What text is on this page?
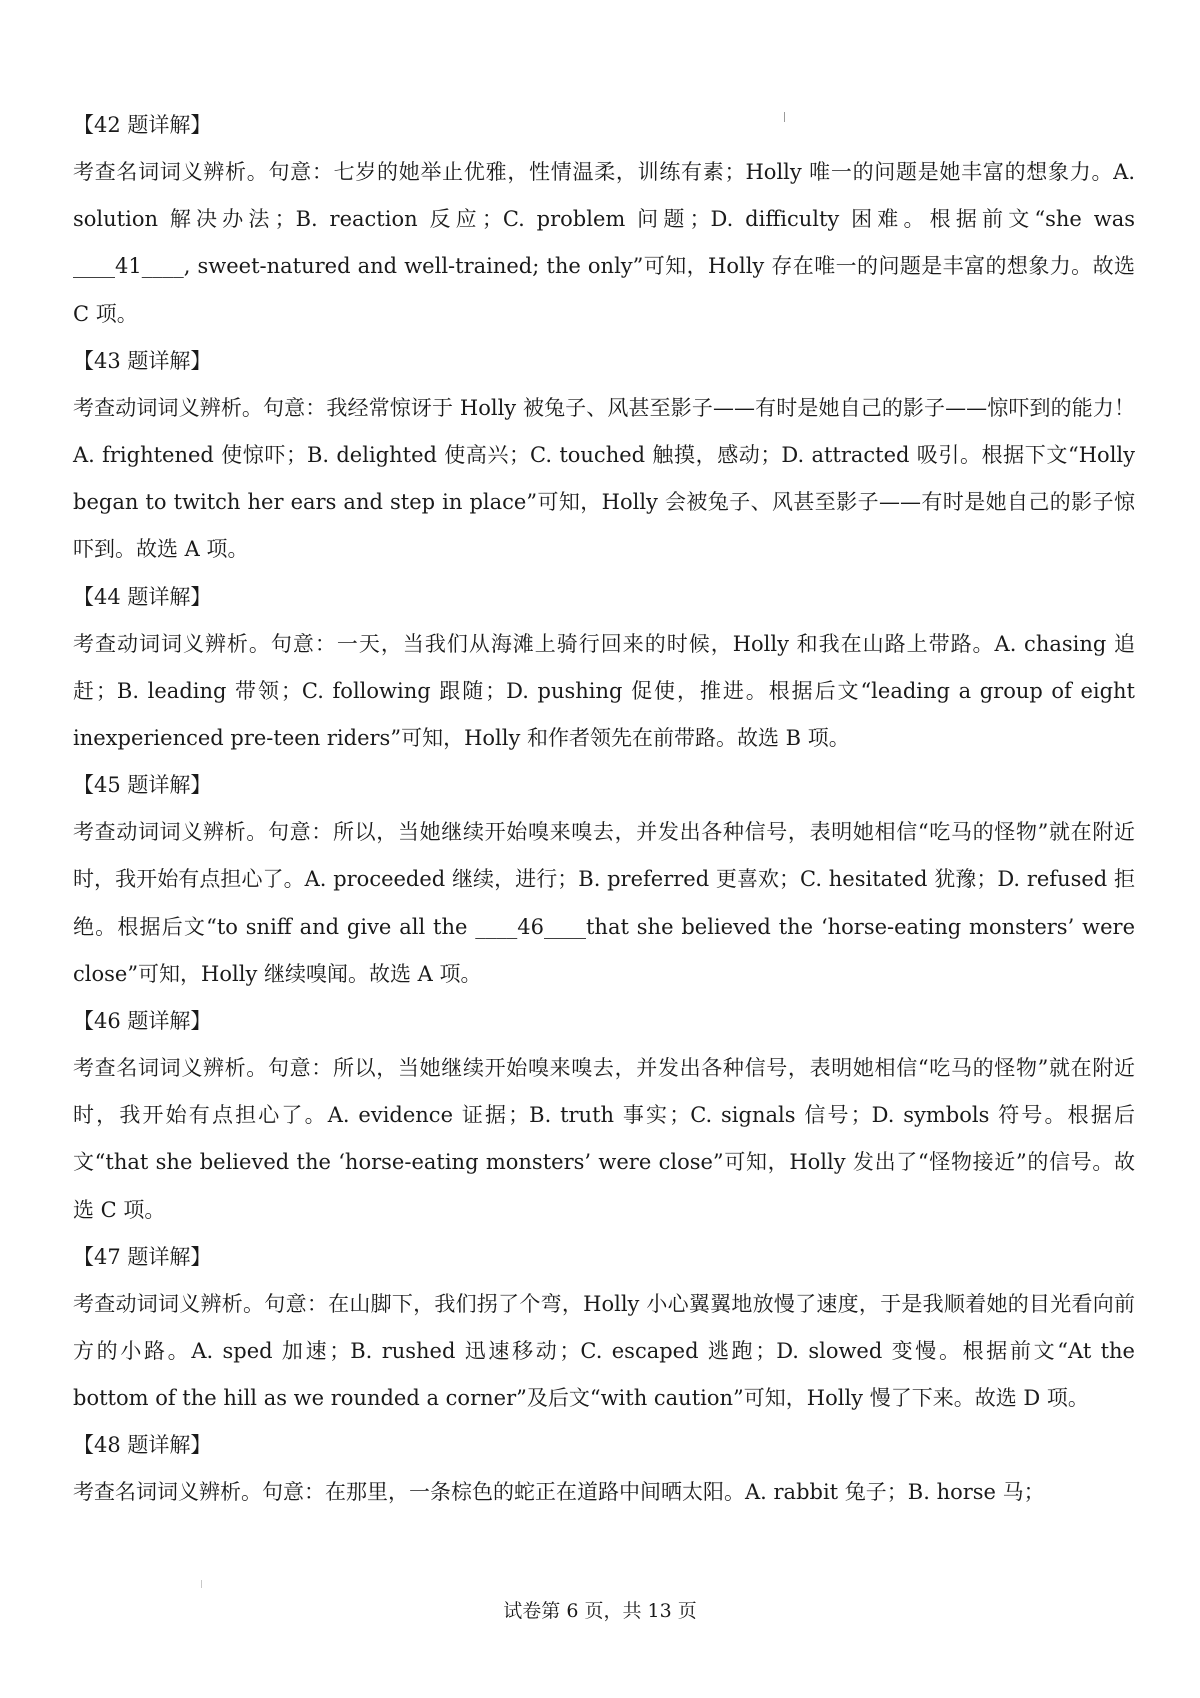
【42 题详解】

考查名词词义辨析。句意：七岁的她举止优雅，性情温柔，训练有素；Holly 唯一的问题是她丰富的想象力。A. solution 解决办法；B. reaction 反应；C. problem 问题；D. difficulty 困难。根据前文“she was ____41____, sweet-natured and well-trained; the only”可知，Holly 存在唯一的问题是丰富的想象力。故选 C 项。

【43 题详解】

考查动词词义辨析。句意：我经常惊讶于 Holly 被兔子、风甚至影子——有时是她自己的影子——惊吓到的能力！A. frightened 使惊吓；B. delighted 使高兴；C. touched 触摸，感动；D. attracted 吸引。根据下文“Holly began to twitch her ears and step in place”可知，Holly 会被兔子、风甚至影子——有时是她自己的影子惊吓到。故选 A 项。

【44 题详解】

考查动词词义辨析。句意：一天，当我们从海滩上骑行回来的时候，Holly 和我在山路上带路。A. chasing 追赶；B. leading 带领；C. following 跟随；D. pushing 促使，推进。根据后文“leading a group of eight inexperienced pre-teen riders”可知，Holly 和作者领先在前带路。故选 B 项。

【45 题详解】

考查动词词义辨析。句意：所以，当她继续开始嗅来嗅去，并发出各种信号，表明她相信“吃马的怪物”就在附近时，我开始有点担心了。A. proceeded 继续，进行；B. preferred 更喜欢；C. hesitated 犹豫；D. refused 拒绝。根据后文“to sniff and give all the ____46____that she believed the ‘horse-eating monsters’ were close”可知，Holly 继续嗅闻。故选 A 项。

【46 题详解】

考查名词词义辨析。句意：所以，当她继续开始嗅来嗅去，并发出各种信号，表明她相信“吃马的怪物”就在附近时，我开始有点担心了。A. evidence 证据；B. truth 事实；C. signals 信号；D. symbols 符号。根据后文“that she believed the ‘horse-eating monsters’ were close”可知，Holly 发出了“怪物接近”的信号。故选 C 项。

【47 题详解】

考查动词词义辨析。句意：在山脚下，我们拐了个弯，Holly 小心翼翼地放慢了速度，于是我顺着她的目光看向前方的小路。A. sped 加速；B. rushed 迅速移动；C. escaped 逃跑；D. slowed 变慢。根据前文“At the bottom of the hill as we rounded a corner”及后文“with caution”可知，Holly 慢了下来。故选 D 项。

【48 题详解】

考查名词词义辨析。句意：在那里，一条棕色的蛇正在道路中间晒太阳。A. rabbit 兔子；B. horse 马；

试卷第 6 页，共 13 页
